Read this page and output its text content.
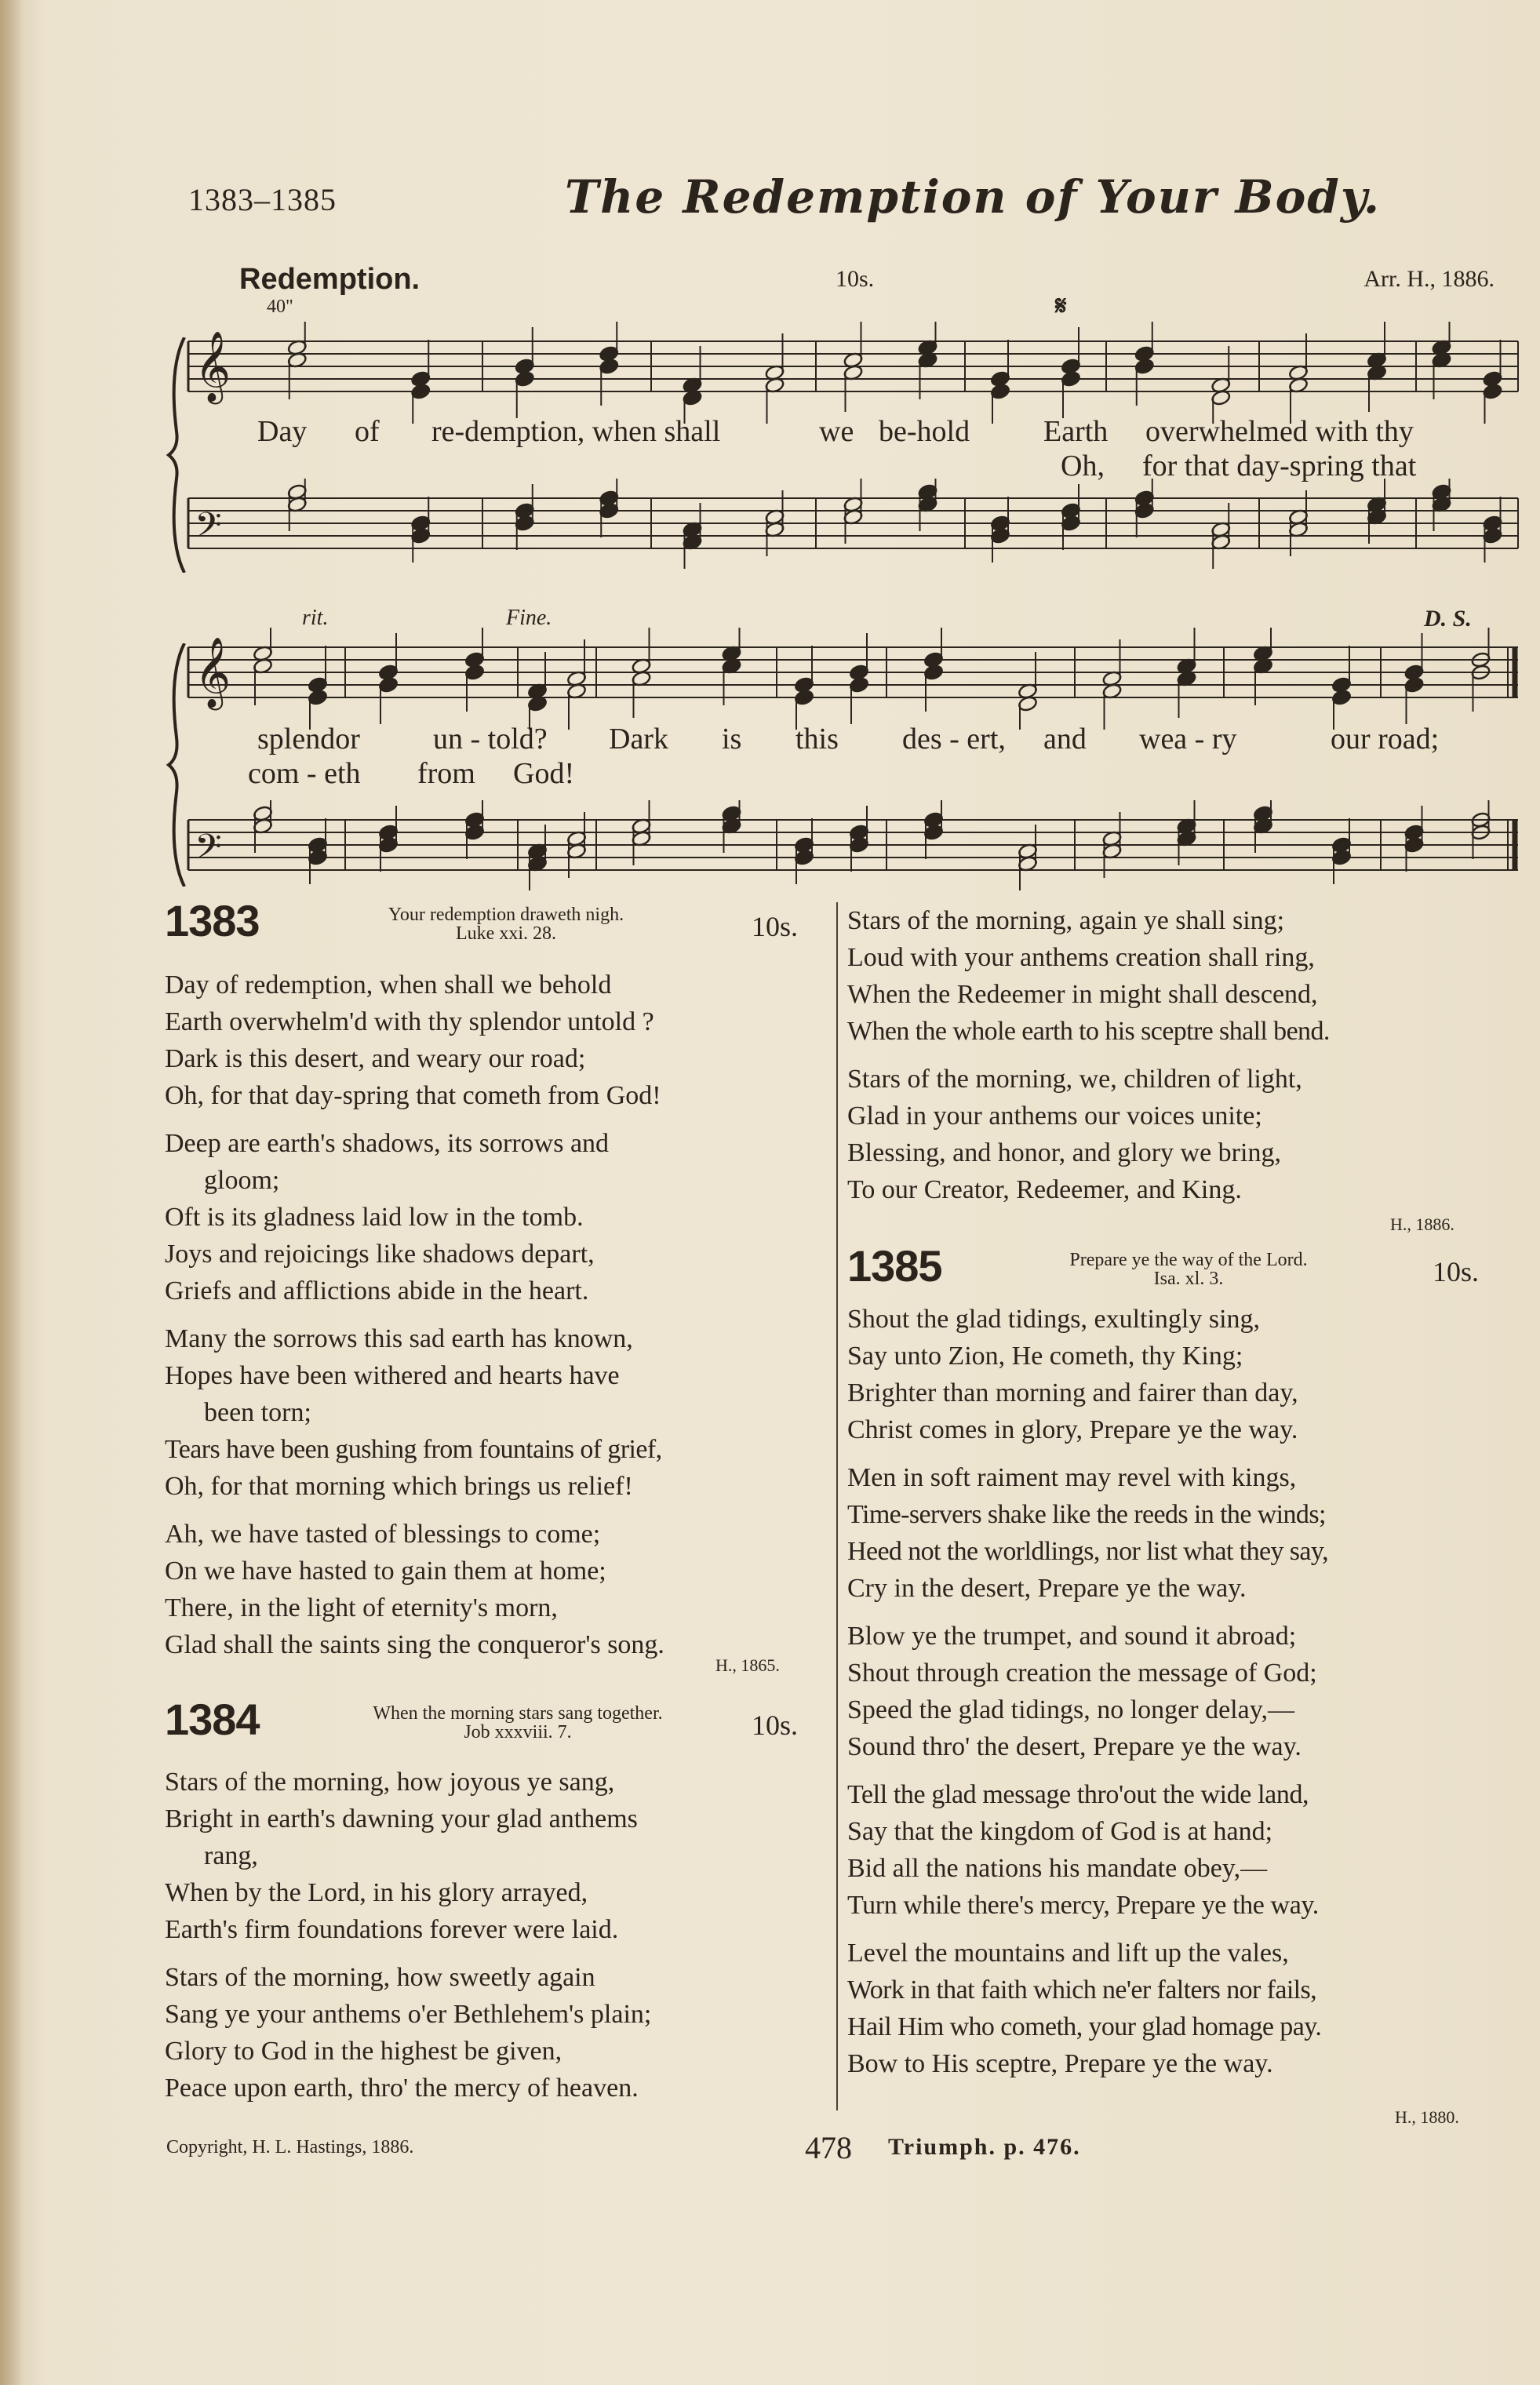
1383–1385	The Redemption of Your Body.
Redemption.	10s.	Arr. H., 1886.
40"	𝄋
rit.	Fine.	D. S.
𝄞
𝄢
𝄞
𝄢
Day of re-demption, when shall	we be-hold Earth overwhelmed with thy
Oh, for that day-spring that
splendor un - told? Dark is this des - ert, and wea - ry	our road;
com - eth from God!
1383	Your redemption draweth nigh.
Luke xxi. 28.	10s.
Day of redemption, when shall we behold
Earth overwhelm'd with thy splendor untold ?
Dark is this desert, and weary our road;
Oh, for that day-spring that cometh from God!
Deep are earth's shadows, its sorrows and
gloom;
Oft is its gladness laid low in the tomb.
Joys and rejoicings like shadows depart,
Griefs and afflictions abide in the heart.
Many the sorrows this sad earth has known,
Hopes have been withered and hearts have
been torn;
Tears have been gushing from fountains of grief,
Oh, for that morning which brings us relief!
Ah, we have tasted of blessings to come;
On we have hasted to gain them at home;
There, in the light of eternity's morn,
Glad shall the saints sing the conqueror's song.
H., 1865.
1384	When the morning stars sang together.
Job xxxviii. 7.	10s.
Stars of the morning, how joyous ye sang,
Bright in earth's dawning your glad anthems
rang,
When by the Lord, in his glory arrayed,
Earth's firm foundations forever were laid.
Stars of the morning, how sweetly again
Sang ye your anthems o'er Bethlehem's plain;
Glory to God in the highest be given,
Peace upon earth, thro' the mercy of heaven.
Stars of the morning, again ye shall sing;
Loud with your anthems creation shall ring,
When the Redeemer in might shall descend,
When the whole earth to his sceptre shall bend.
Stars of the morning, we, children of light,
Glad in your anthems our voices unite;
Blessing, and honor, and glory we bring,
To our Creator, Redeemer, and King.
H., 1886.
1385	Prepare ye the way of the Lord.
Isa. xl. 3.	10s.
Shout the glad tidings, exultingly sing,
Say unto Zion, He cometh, thy King;
Brighter than morning and fairer than day,
Christ comes in glory, Prepare ye the way.
Men in soft raiment may revel with kings,
Time-servers shake like the reeds in the winds;
Heed not the worldlings, nor list what they say,
Cry in the desert, Prepare ye the way.
Blow ye the trumpet, and sound it abroad;
Shout through creation the message of God;
Speed the glad tidings, no longer delay,—
Sound thro' the desert, Prepare ye the way.
Tell the glad message thro'out the wide land,
Say that the kingdom of God is at hand;
Bid all the nations his mandate obey,—
Turn while there's mercy, Prepare ye the way.
Level the mountains and lift up the vales,
Work in that faith which ne'er falters nor fails,
Hail Him who cometh, your glad homage pay.
Bow to His sceptre, Prepare ye the way.
H., 1880.
Copyright, H. L. Hastings, 1886.	478 Triumph. p. 476.
